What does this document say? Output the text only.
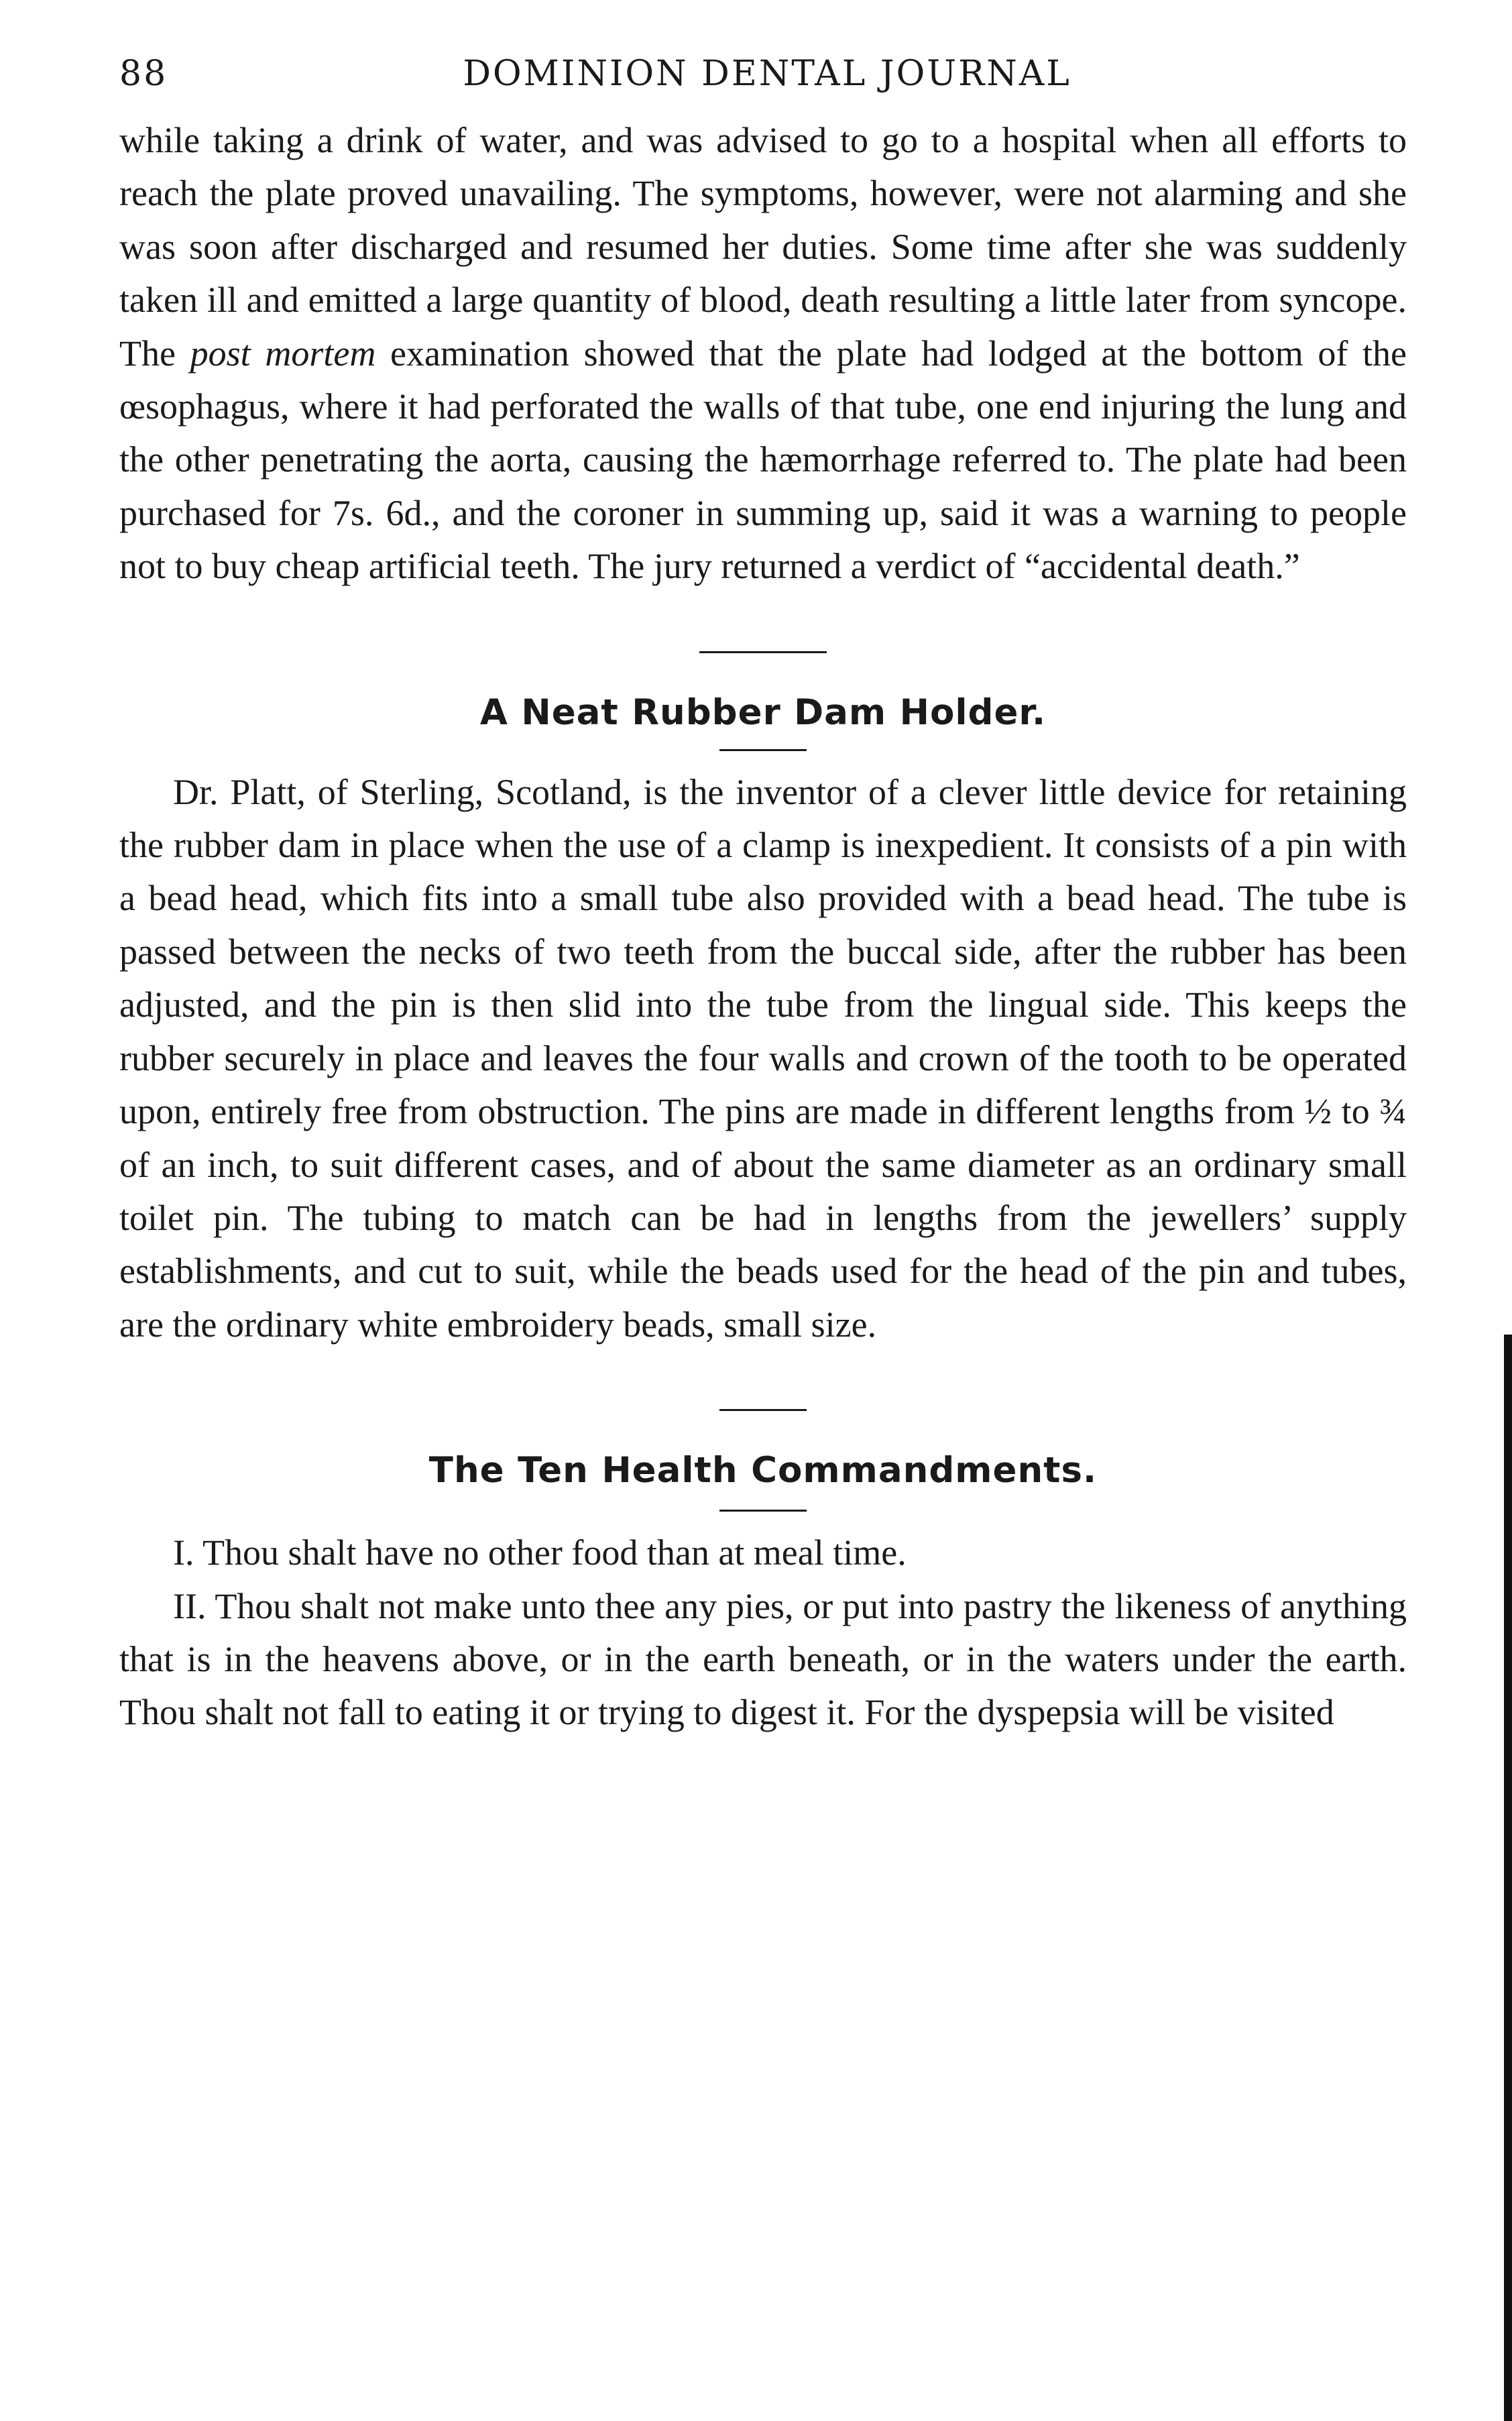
88	DOMINION DENTAL JOURNAL

while taking a drink of water, and was advised to go to a hospital when all efforts to reach the plate proved unavailing. The symptoms, however, were not alarming and she was soon after discharged and resumed her duties. Some time after she was suddenly taken ill and emitted a large quantity of blood, death resulting a little later from syncope. The post mortem examination showed that the plate had lodged at the bottom of the œsophagus, where it had perforated the walls of that tube, one end injuring the lung and the other penetrating the aorta, causing the hæmorrhage referred to. The plate had been purchased for 7s. 6d., and the coroner in summing up, said it was a warning to people not to buy cheap artificial teeth. The jury returned a verdict of “accidental death.”

A Neat Rubber Dam Holder.

Dr. Platt, of Sterling, Scotland, is the inventor of a clever little device for retaining the rubber dam in place when the use of a clamp is inexpedient. It consists of a pin with a bead head, which fits into a small tube also provided with a bead head. The tube is passed between the necks of two teeth from the buccal side, after the rubber has been adjusted, and the pin is then slid into the tube from the lingual side. This keeps the rubber securely in place and leaves the four walls and crown of the tooth to be operated upon, entirely free from obstruction. The pins are made in different lengths from ½ to ¾ of an inch, to suit different cases, and of about the same diameter as an ordinary small toilet pin. The tubing to match can be had in lengths from the jewellers’ supply establishments, and cut to suit, while the beads used for the head of the pin and tubes, are the ordinary white embroidery beads, small size.

The Ten Health Commandments.

I. Thou shalt have no other food than at meal time.

II. Thou shalt not make unto thee any pies, or put into pastry the likeness of anything that is in the heavens above, or in the earth beneath, or in the waters under the earth. Thou shalt not fall to eating it or trying to digest it. For the dyspepsia will be visited
